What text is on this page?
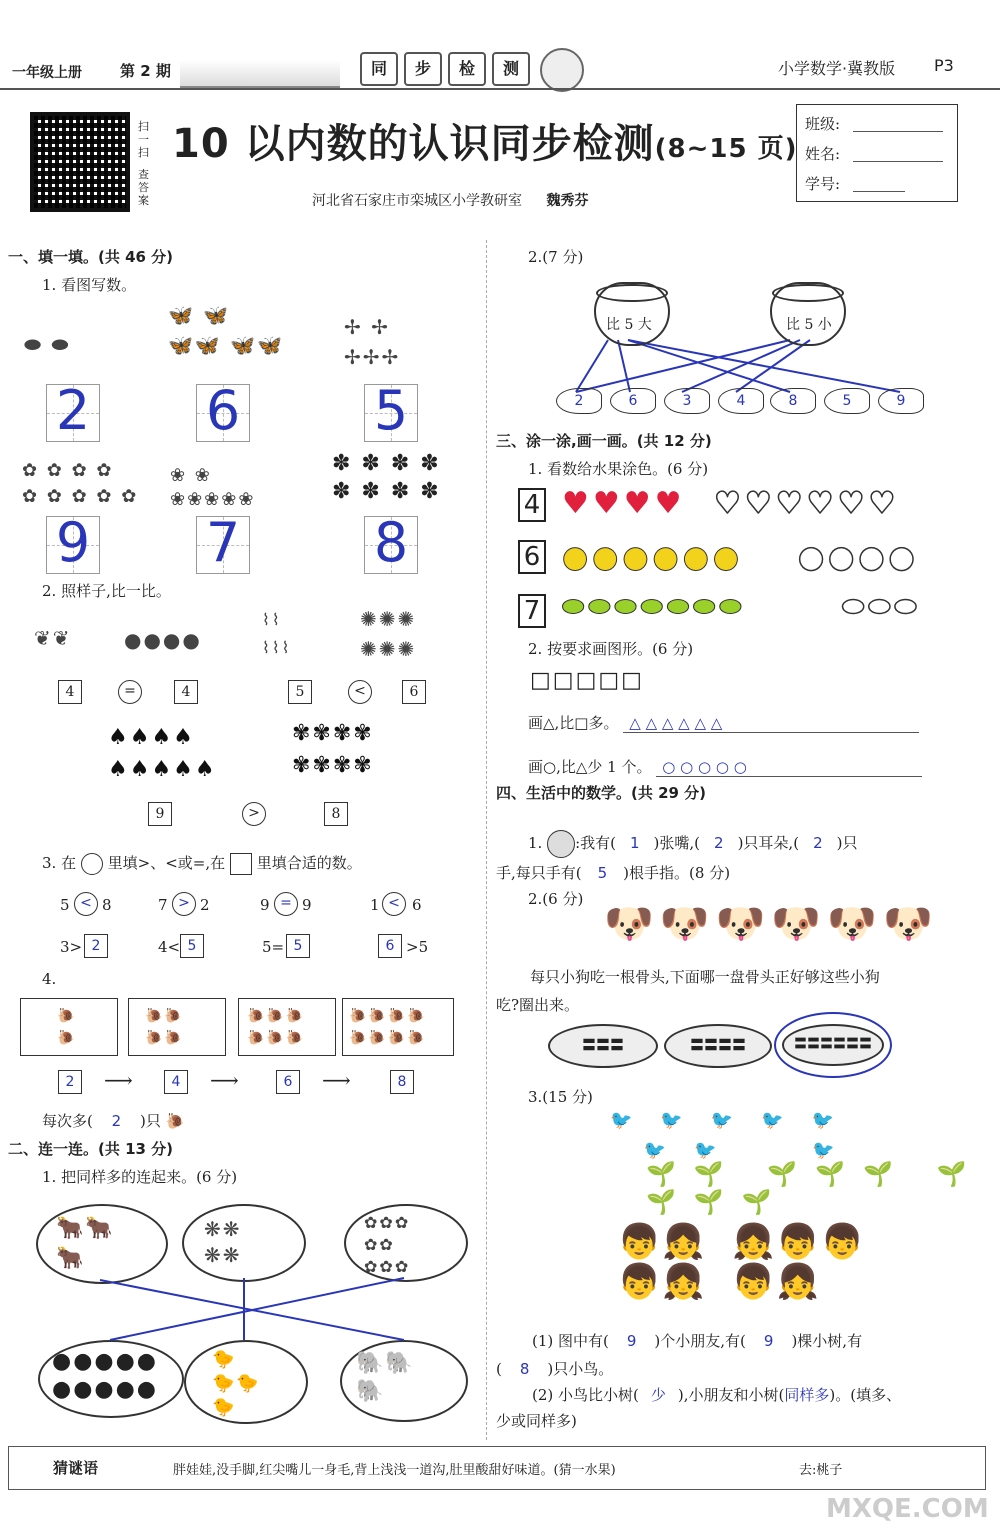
一年级上册	第 2 期	同	步	检	测	小学数学·冀教版 P3
扫一扫
查答案
10 以内数的认识同步检测(8~15 页)
河北省石家庄市栾城区小学教研室 魏秀芬
班级:
姓名:
学号:
一、填一填。(共 46 分)
1. 看图写数。
⬬ ⬬
🦋 🦋
🦋🦋 🦋🦋
✢ ✢
✢✢✢
2 6 5
✿ ✿ ✿ ✿
✿ ✿ ✿ ✿ ✿
❀ ❀
❀❀❀❀❀
✽ ✽ ✽ ✽
✽ ✽ ✽ ✽
9 7 8
2. 照样子,比一比。
❦❦	●●●●
⌇⌇
⌇⌇⌇
✺✺✺
✺✺✺
4	=	4	5	<	6
♠♠♠♠
♠♠♠♠♠
✾✾✾✾
✾✾✾✾
9	>	8
3. 在 里填>、<或=,在 里填合适的数。
5 < 8	7 > 2	9 = 9	1 < 6
3> 2	4< 5	5= 5	6 >5
4.
🐌
🐌
🐌🐌
🐌🐌
🐌🐌🐌
🐌🐌🐌
🐌🐌🐌🐌
🐌🐌🐌🐌
2	⟶	4	⟶	6	⟶	8
每次多( 2 )只 🐌
二、连一连。(共 13 分)
1. 把同样多的连起来。(6 分)
🐂🐂
🐂
❋❋
❋❋
✿✿✿
✿✿
✿✿✿
●●●●●
●●●●●
🐤
🐤🐤
🐤
🐘🐘
🐘
2.(7 分)
比 5 大	比 5 小
2	6	3	4	8	5	9
三、涂一涂,画一画。(共 12 分)
1. 看数给水果涂色。(6 分)
4 ♥♥♥♥ ♥♥♥♥♥♥
6 ●●●●●● ●●●●
7 ⬬⬬⬬⬬⬬⬬⬬	⬬⬬⬬
2. 按要求画图形。(6 分)
□□□□□
画△,比□多。 △ △ △ △ △ △
画○,比△少 1 个。 ○ ○ ○ ○ ○
四、生活中的数学。(共 29 分)
1. :我有( 1 )张嘴,( 2 )只耳朵,( 2 )只
手,每只手有( 5 )根手指。(8 分)
2.(6 分)
🐶🐶🐶🐶🐶🐶
每只小狗吃一根骨头,下面哪一盘骨头正好够这些小狗
吃?圈出来。
〓〓〓	〓〓〓〓	〓〓〓〓〓〓
3.(15 分)
🐦🐦🐦🐦🐦
🐦🐦  🐦
🌱🌱 🌱🌱🌱 🌱🌱🌱🌱
👦👧  👧👦👦
👦👧  👦👧
(1) 图中有( 9 )个小朋友,有( 9 )棵小树,有
( 8 )只小鸟。
(2) 小鸟比小树( 少 ),小朋友和小树(同样多)。(填多、
少或同样多)
猜谜语	胖娃娃,没手脚,红尖嘴儿一身毛,背上浅浅一道沟,肚里酸甜好味道。(猜一水果)	去:桃子
MXQE.COM
